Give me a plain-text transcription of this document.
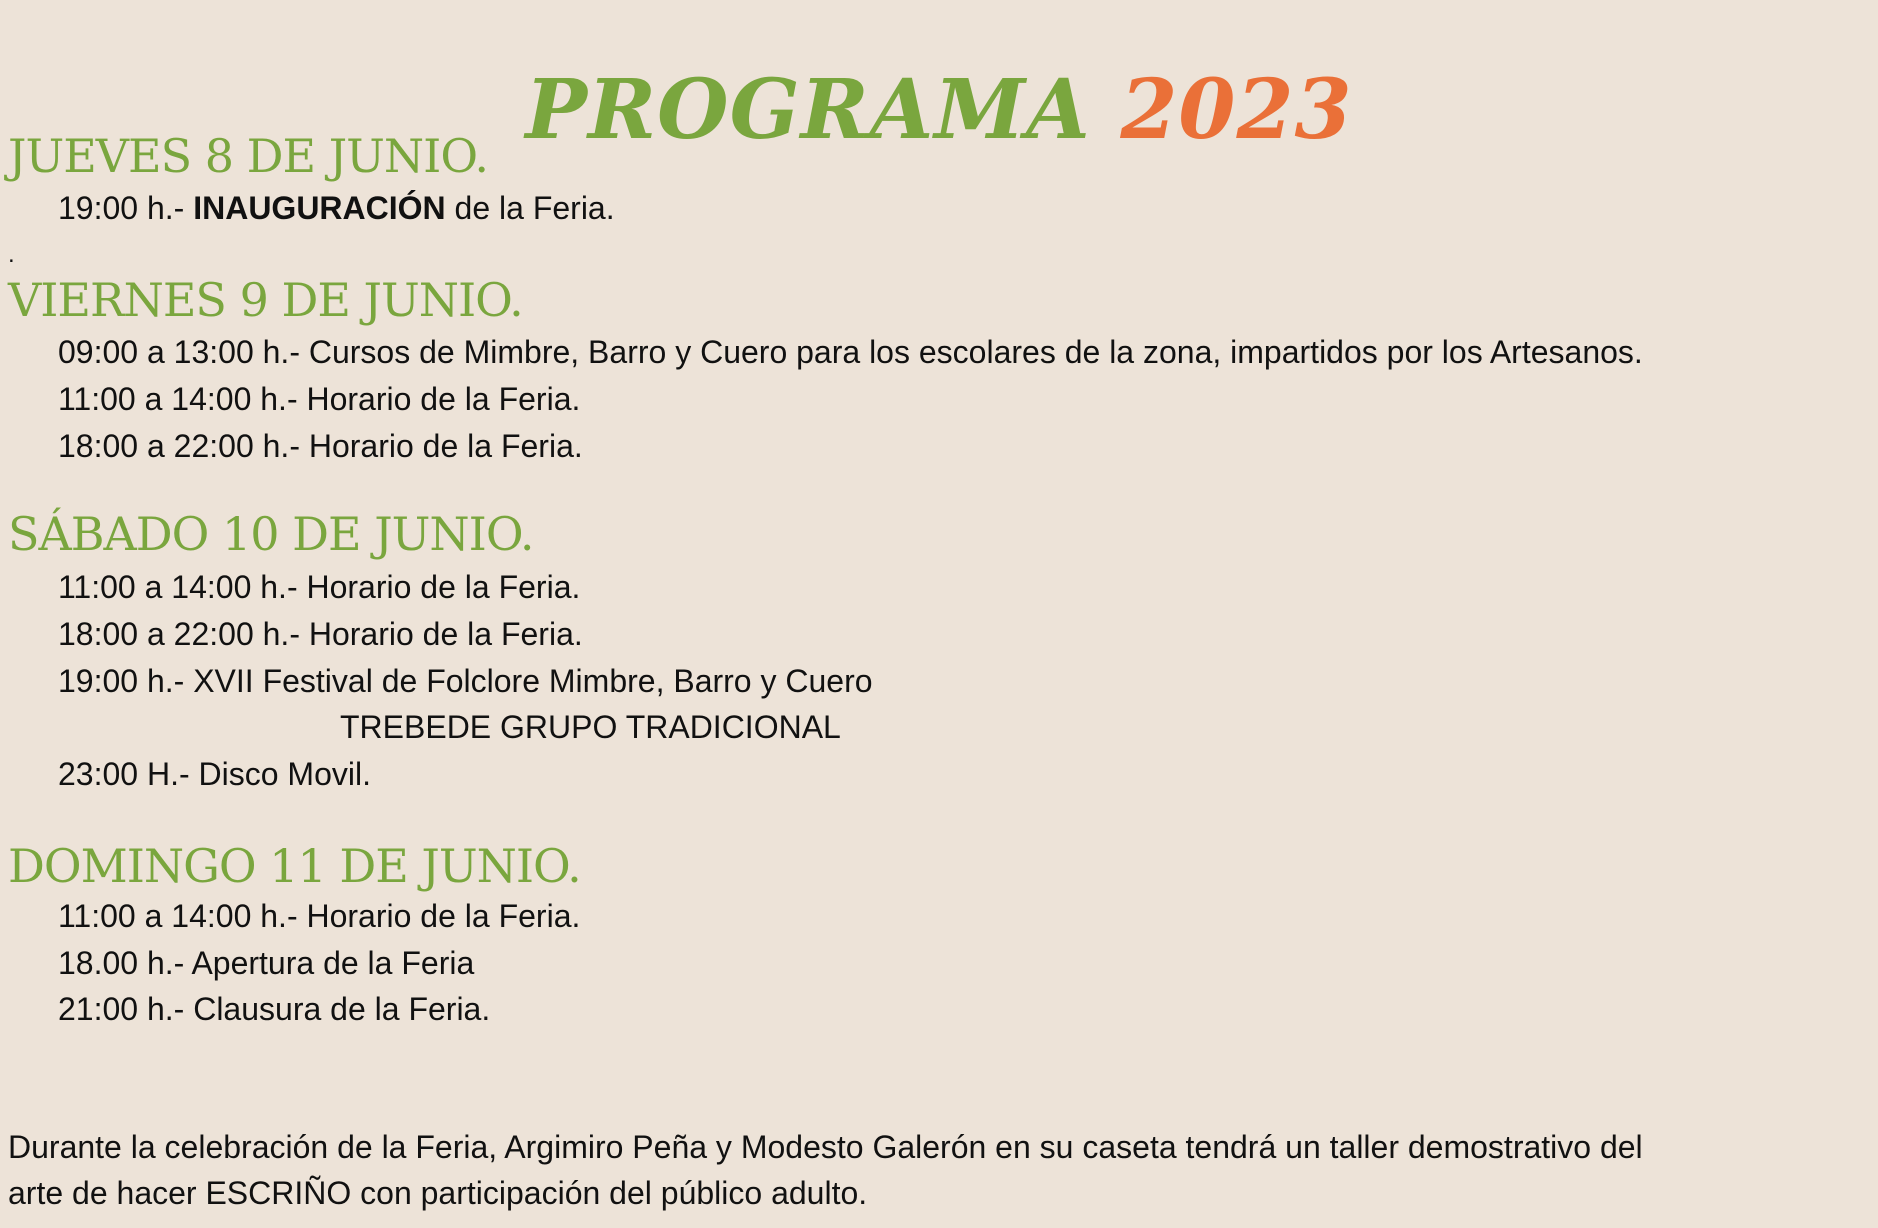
PROGRAMA 2023
JUEVES 8 DE JUNIO.
19:00 h.- INAUGURACIÓN de la Feria.
.
VIERNES 9 DE JUNIO.
09:00 a 13:00 h.- Cursos de Mimbre, Barro y Cuero para los escolares de la zona, impartidos por los Artesanos.
11:00 a 14:00 h.- Horario de la Feria.
18:00 a 22:00 h.- Horario de la Feria.
SÁBADO 10 DE JUNIO.
11:00 a 14:00 h.- Horario de la Feria.
18:00 a 22:00 h.- Horario de la Feria.
19:00 h.- XVII Festival de Folclore Mimbre, Barro y Cuero
TREBEDE GRUPO TRADICIONAL
23:00 H.- Disco Movil.
DOMINGO 11 DE JUNIO.
11:00 a 14:00 h.- Horario de la Feria.
18.00 h.- Apertura de la Feria
21:00 h.- Clausura de la Feria.
Durante la celebración de la Feria, Argimiro Peña y Modesto Galerón en su caseta tendrá un taller demostrativo del
arte de hacer ESCRIÑO con participación del público adulto.
